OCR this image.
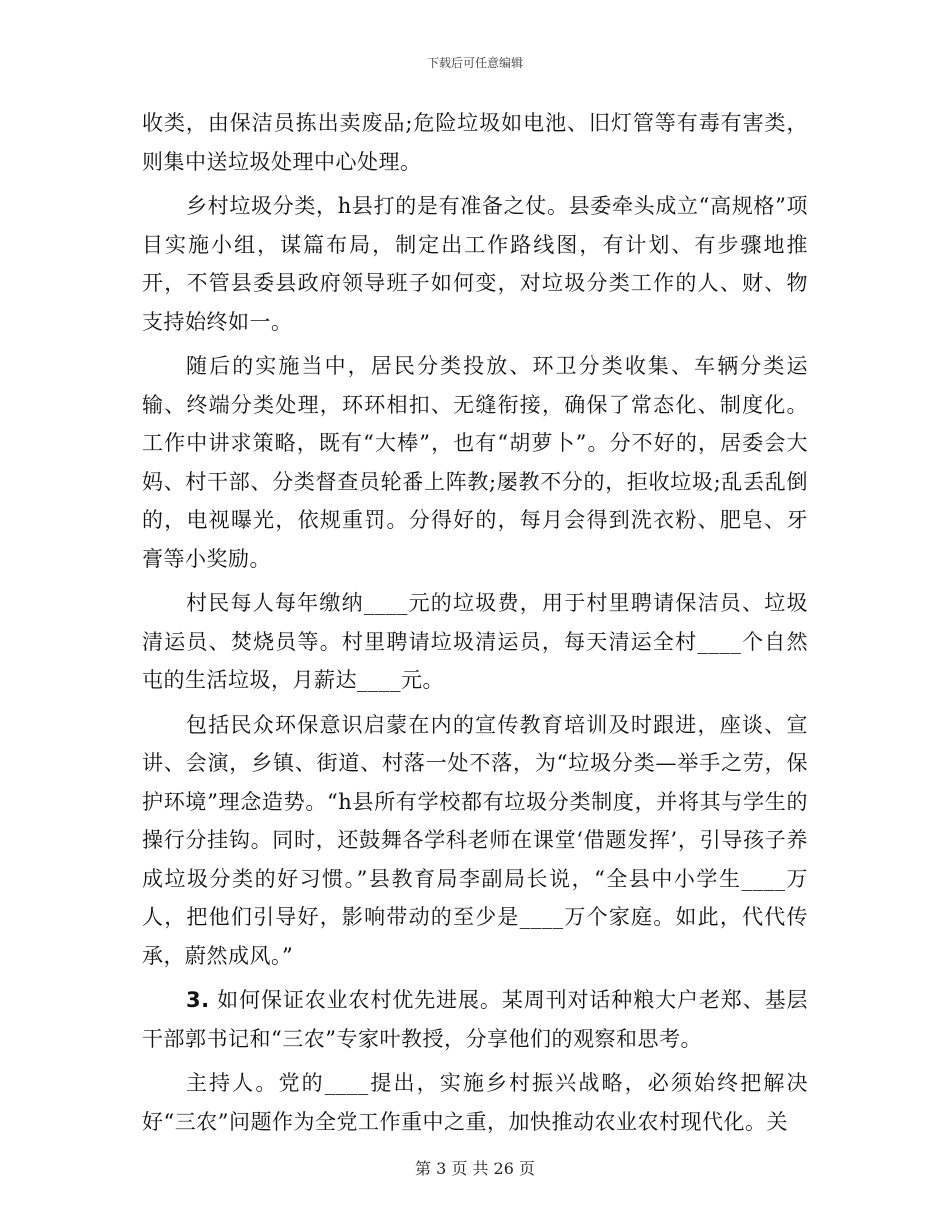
下载后可任意编辑

收类，由保洁员拣出卖废品;危险垃圾如电池、旧灯管等有毒有害类，则集中送垃圾处理中心处理。

乡村垃圾分类，h县打的是有准备之仗。县委牵头成立“高规格”项目实施小组，谋篇布局，制定出工作路线图，有计划、有步骤地推开，不管县委县政府领导班子如何变，对垃圾分类工作的人、财、物支持始终如一。

随后的实施当中，居民分类投放、环卫分类收集、车辆分类运输、终端分类处理，环环相扣、无缝衔接，确保了常态化、制度化。工作中讲求策略，既有“大棒”，也有“胡萝卜”。分不好的，居委会大妈、村干部、分类督查员轮番上阵教;屡教不分的，拒收垃圾;乱丢乱倒的，电视曝光，依规重罚。分得好的，每月会得到洗衣粉、肥皂、牙膏等小奖励。

村民每人每年缴纳____元的垃圾费，用于村里聘请保洁员、垃圾清运员、焚烧员等。村里聘请垃圾清运员，每天清运全村____个自然屯的生活垃圾，月薪达____元。

包括民众环保意识启蒙在内的宣传教育培训及时跟进，座谈、宣讲、会演，乡镇、街道、村落一处不落，为“垃圾分类—举手之劳，保护环境”理念造势。“h县所有学校都有垃圾分类制度，并将其与学生的操行分挂钩。同时，还鼓舞各学科老师在课堂‘借题发挥’，引导孩子养成垃圾分类的好习惯。”县教育局李副局长说，“全县中小学生____万人，把他们引导好，影响带动的至少是____万个家庭。如此，代代传承，蔚然成风。”

3. 如何保证农业农村优先进展。某周刊对话种粮大户老郑、基层干部郭书记和“三农”专家叶教授，分享他们的观察和思考。

主持人。党的____提出，实施乡村振兴战略，必须始终把解决好“三农”问题作为全党工作重中之重，加快推动农业农村现代化。关

第 3 页 共 26 页
